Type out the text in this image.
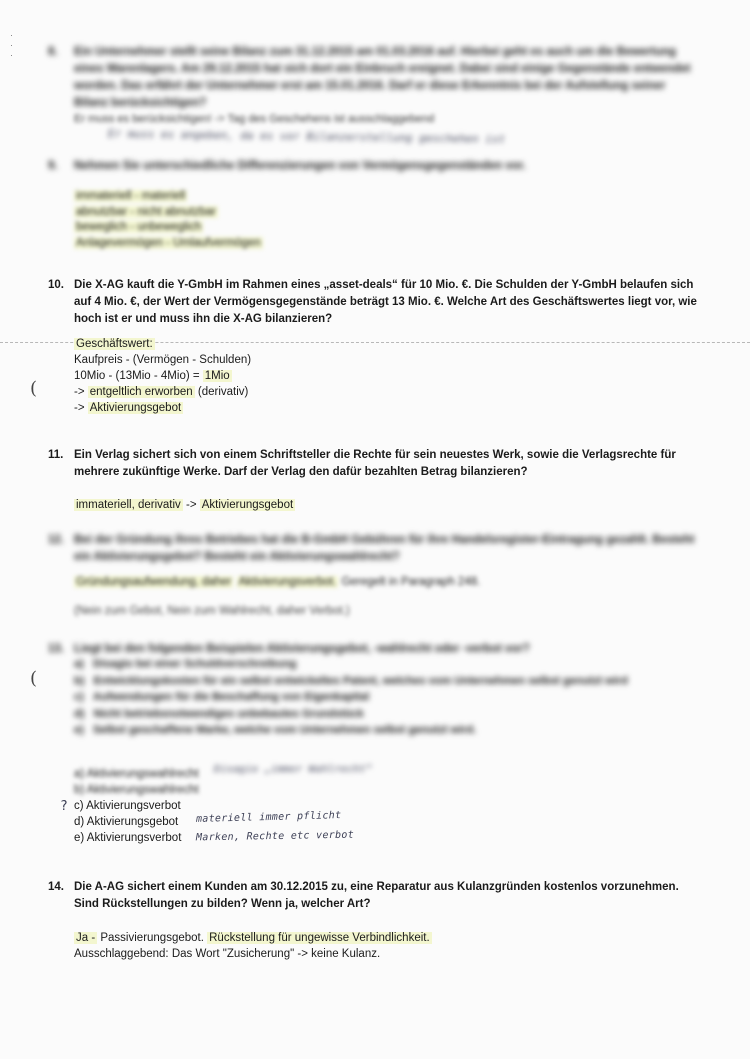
·
·
·	8.	Ein Unternehmer stellt seine Bilanz zum 31.12.2015 am 01.03.2016 auf. Hierbei geht es auch um die Bewertung eines Warenlagers. Am 29.12.2015 hat sich dort ein Einbruch ereignet. Dabei sind einige Gegenstände entwendet worden. Das erfährt der Unternehmer erst am 15.01.2016. Darf er diese Erkenntnis bei der Aufstellung seiner Bilanz berücksichtigen?
Er muss es berücksichtigen! -> Tag des Geschehens ist ausschlaggebend
Er muss es angeben, da es vor Bilanzerstellung geschehen ist
9.	Nehmen Sie unterschiedliche Differenzierungen von Vermögensgegenständen vor.
immateriell - materiell
abnutzbar - nicht abnutzbar
beweglich - unbeweglich
Anlagevermögen - Umlaufvermögen
10. Die X-AG kauft die Y-GmbH im Rahmen eines „asset-deals“ für 10 Mio. €. Die Schulden der Y-GmbH belaufen sich auf 4 Mio. €, der Wert der Vermögensgegenstände beträgt 13 Mio. €. Welche Art des Geschäftswertes liegt vor, wie hoch ist er und muss ihn die X-AG bilanzieren?
Geschäftswert:
Kaufpreis - (Vermögen - Schulden)
10Mio - (13Mio - 4Mio) = 1Mio
-> entgeltlich erworben (derivativ)
-> Aktivierungsgebot
(
11. Ein Verlag sichert sich von einem Schriftsteller die Rechte für sein neuestes Werk, sowie die Verlagsrechte für mehrere zukünftige Werke. Darf der Verlag den dafür bezahlten Betrag bilanzieren?
immateriell, derivativ -> Aktivierungsgebot
12. Bei der Gründung ihres Betriebes hat die B-GmbH Gebühren für ihre Handelsregister-Eintragung gezahlt. Besteht ein Aktivierungsgebot? Besteht ein Aktivierungswahlrecht?
Gründungsaufwendung, daher Aktivierungsverbot. Geregelt in Paragraph 248.
(Nein zum Gebot, Nein zum Wahlrecht, daher Verbot.)
13. Liegt bei den folgenden Beispielen Aktivierungsgebot, -wahlrecht oder -verbot vor?
a) Disagio bei einer Schuldverschreibung
b) Entwicklungskosten für ein selbst entwickeltes Patent, welches vom Unternehmen selbst genutzt wird
c) Aufwendungen für die Beschaffung von Eigenkapital
d) Nicht betriebsnotwendiges unbebautes Grundstück
e) Selbst geschaffene Marke, welche vom Unternehmen selbst genutzt wird.
(
a) Aktivierungswahlrecht
b) Aktivierungswahlrecht
Disagio „immer Wahlrecht“
c) Aktivierungsverbot
d) Aktivierungsgebot
e) Aktivierungsverbot
?
materiell immer pflicht
Marken, Rechte etc verbot
14. Die A-AG sichert einem Kunden am 30.12.2015 zu, eine Reparatur aus Kulanzgründen kostenlos vorzunehmen. Sind Rückstellungen zu bilden? Wenn ja, welcher Art?
Ja - Passivierungsgebot. Rückstellung für ungewisse Verbindlichkeit.
Ausschlaggebend: Das Wort "Zusicherung" -> keine Kulanz.
